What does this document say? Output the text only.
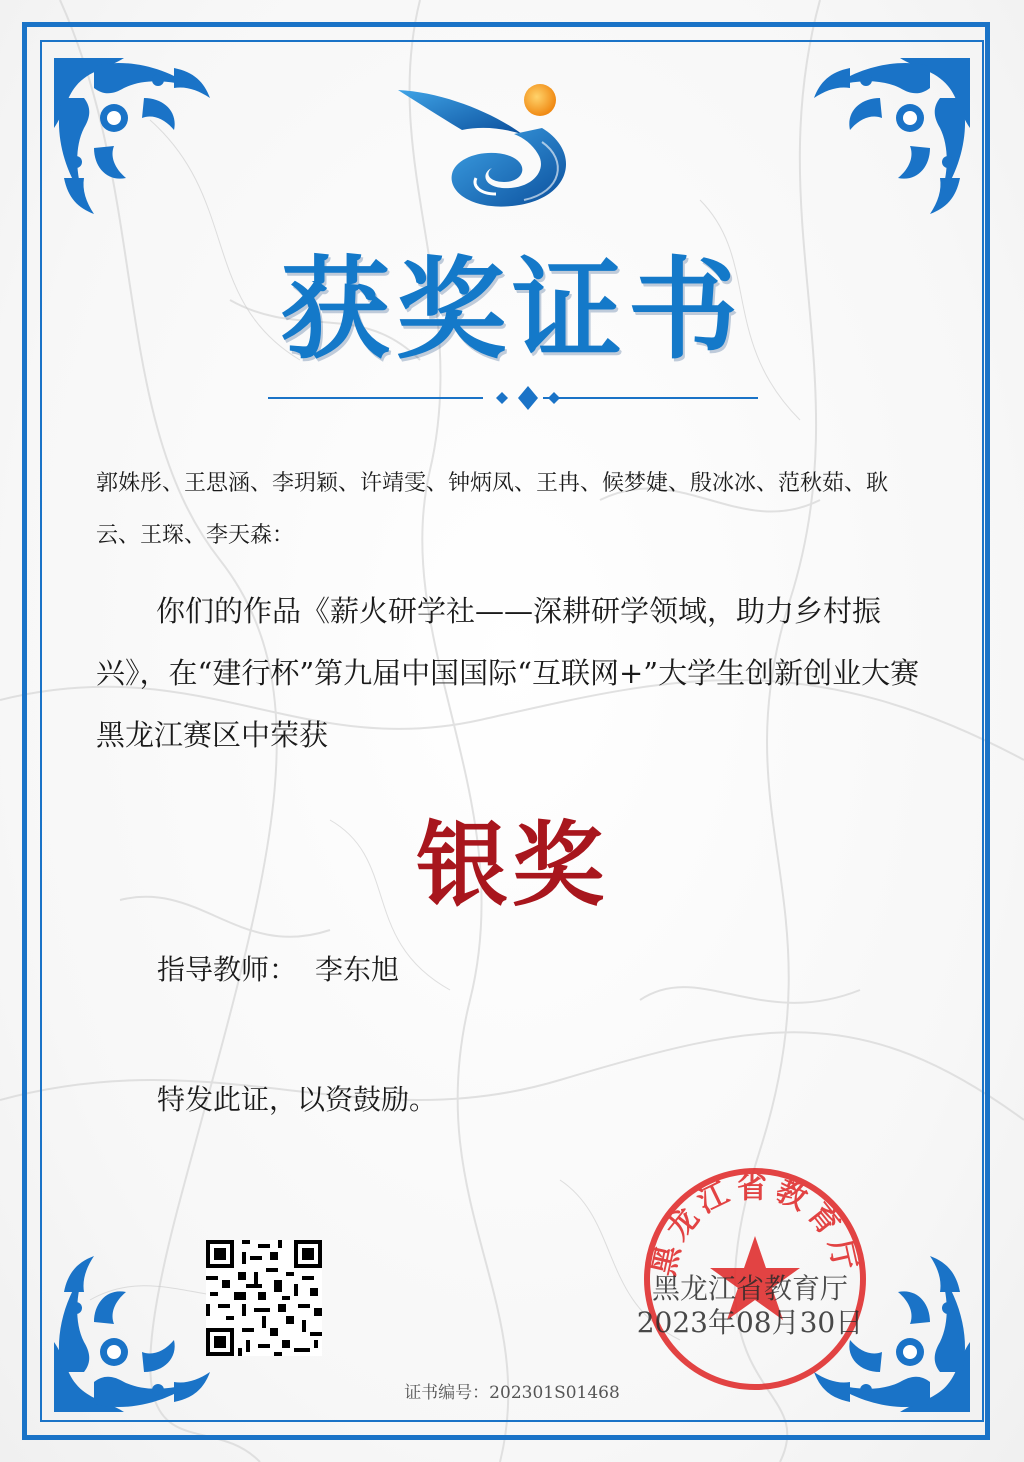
获奖证书
郭姝彤、王思涵、李玥颖、许靖雯、钟炳凤、王冉、候梦婕、殷冰冰、范秋茹、耿云、王琛、李天森：
你们的作品《薪火研学社——深耕研学领域，助力乡村振兴》，在“建行杯”第九届中国国际“互联网+”大学生创新创业大赛黑龙江赛区中荣获
银奖
指导教师： 李东旭
特发此证，以资鼓励。
黑龙江省教育厅
黑龙江省教育厅
2023年08月30日
证书编号：202301S01468
